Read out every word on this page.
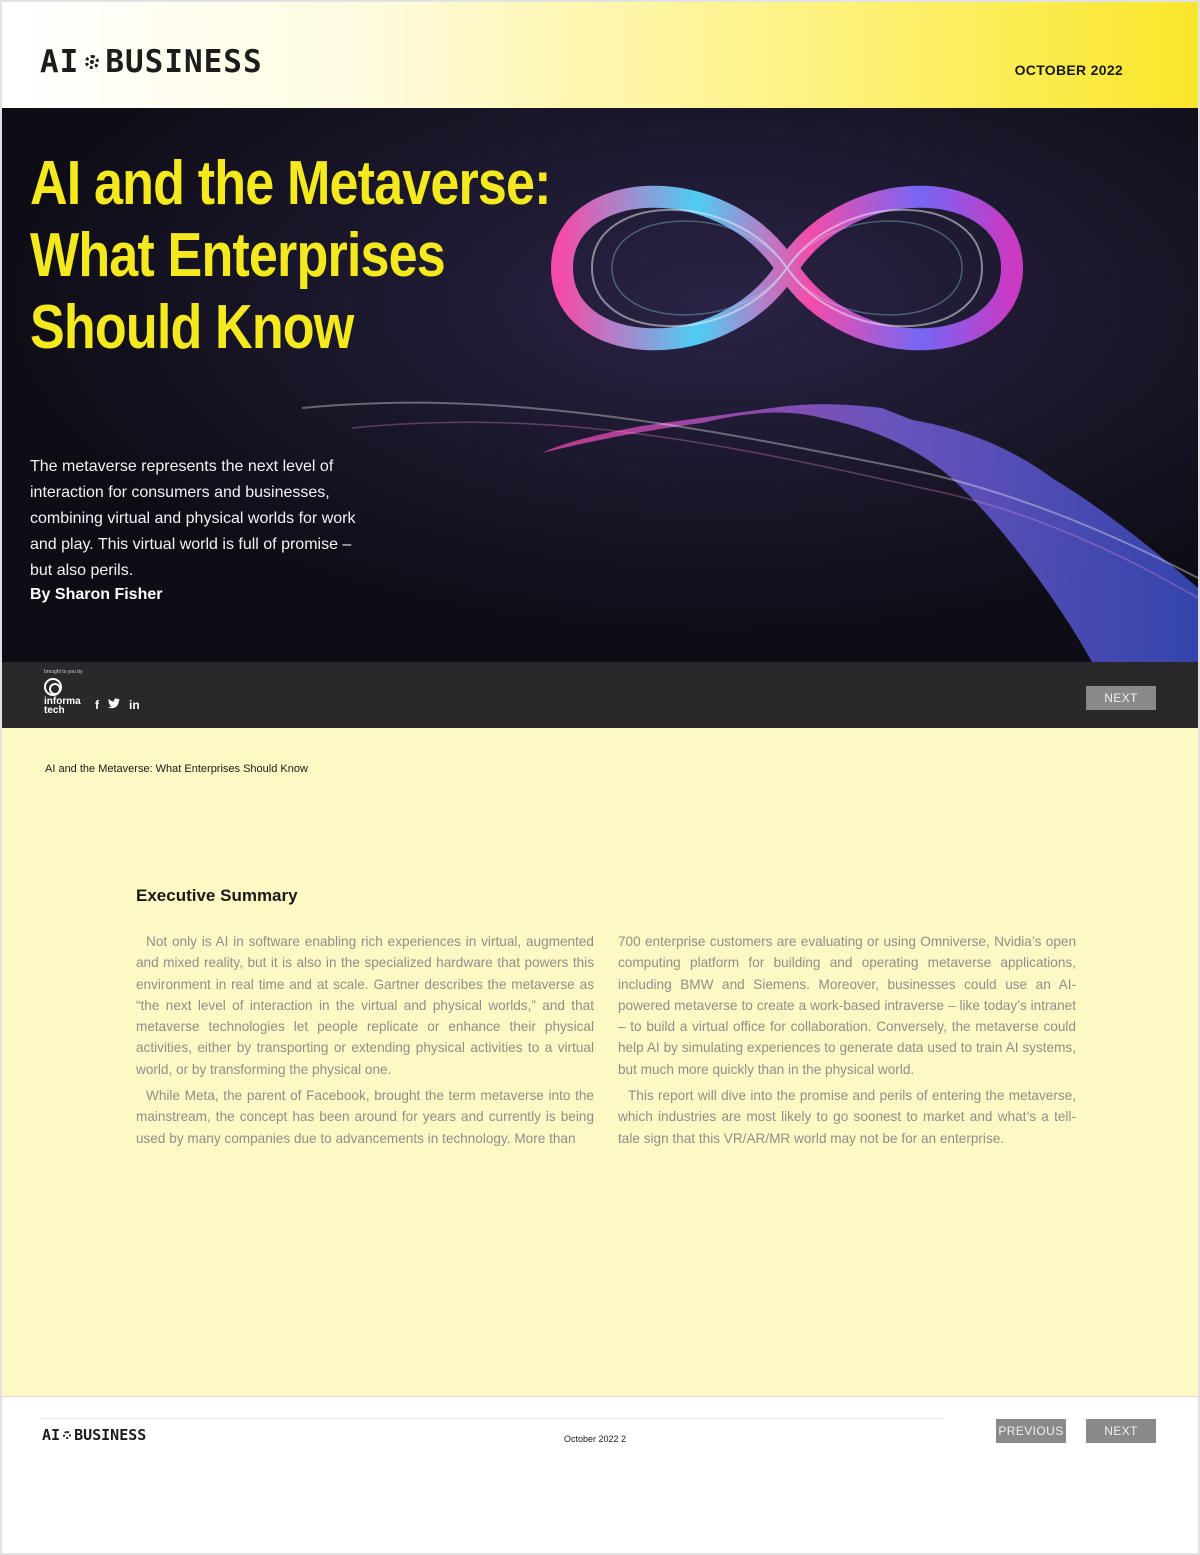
AI BUSINESS	OCTOBER 2022
AI and the Metaverse:
What Enterprises
Should Know
The metaverse represents the next level of interaction for consumers and businesses, combining virtual and physical worlds for work and play. This virtual world is full of promise – but also perils.
By Sharon Fisher
brought to you by
informa
tech	f	in	NEXT
AI and the Metaverse: What Enterprises Should Know
Executive Summary

Not only is AI in software enabling rich experiences in virtual, augmented and mixed reality, but it is also in the specialized hardware that powers this environment in real time and at scale. Gartner describes the metaverse as “the next level of interaction in the virtual and physical worlds,” and that metaverse technologies let people replicate or enhance their physical activities, either by transporting or extending physical activities to a virtual world, or by transforming the physical one.

While Meta, the parent of Facebook, brought the term metaverse into the mainstream, the concept has been around for years and currently is being used by many companies due to advancements in technology. More than

700 enterprise customers are evaluating or using Omniverse, Nvidia’s open computing platform for building and operating metaverse applications, including BMW and Siemens. Moreover, businesses could use an AI-powered metaverse to create a work-based intraverse – like today’s intranet – to build a virtual office for collaboration. Conversely, the metaverse could help AI by simulating experiences to generate data used to train AI systems, but much more quickly than in the physical world.

This report will dive into the promise and perils of entering the metaverse, which industries are most likely to go soonest to market and what’s a tell-tale sign that this VR/AR/MR world may not be for an enterprise.

AI BUSINESS	October 2022 2
PREVIOUS	NEXT
